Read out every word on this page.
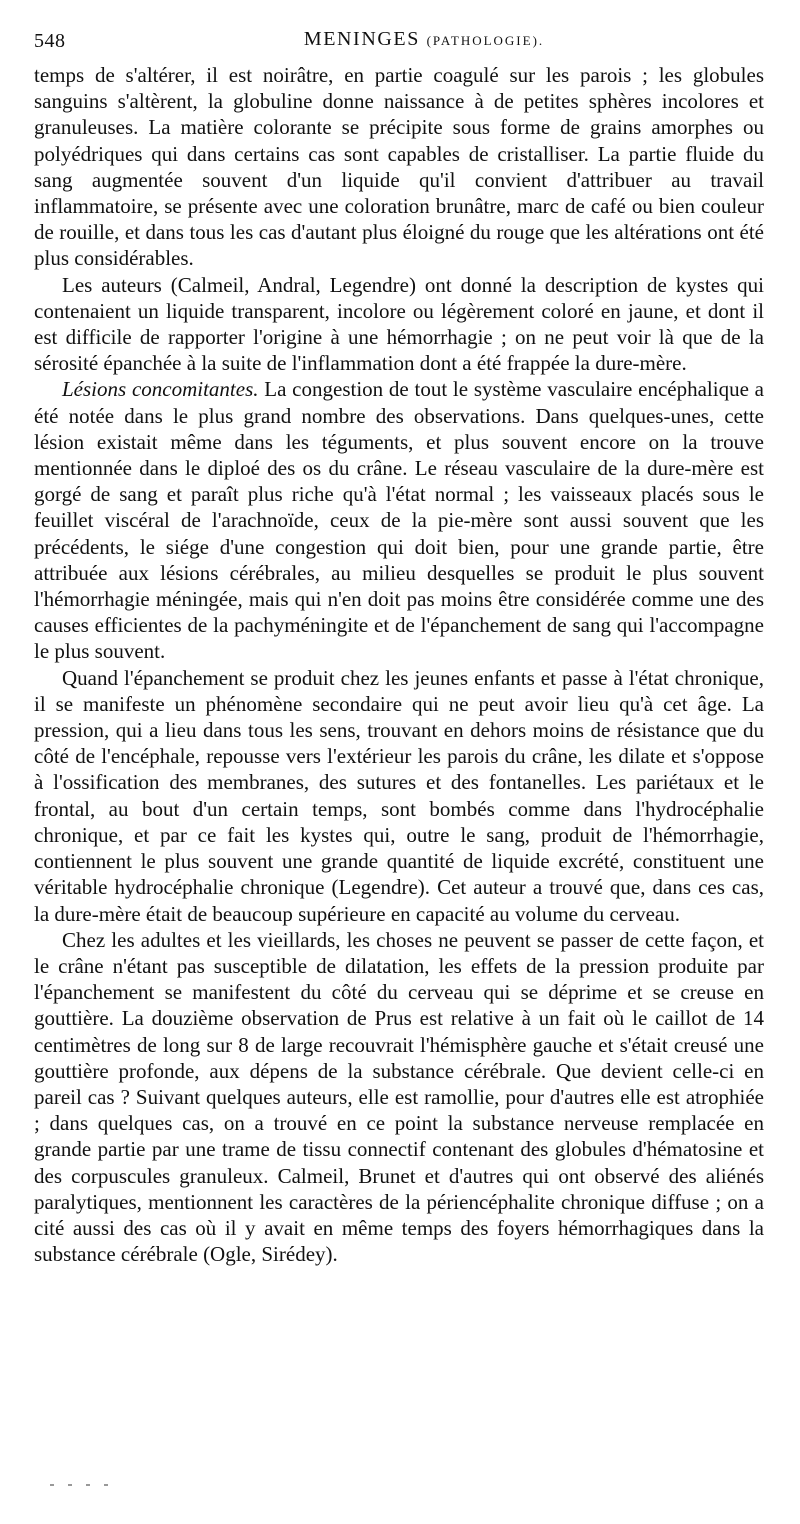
548	MENINGES (PATHOLOGIE).

temps de s'altérer, il est noirâtre, en partie coagulé sur les parois ; les globules sanguins s'altèrent, la globuline donne naissance à de petites sphères incolores et granuleuses. La matière colorante se précipite sous forme de grains amorphes ou polyédriques qui dans certains cas sont capables de cristalliser. La partie fluide du sang augmentée souvent d'un liquide qu'il convient d'attribuer au travail inflammatoire, se présente avec une coloration brunâtre, marc de café ou bien couleur de rouille, et dans tous les cas d'autant plus éloigné du rouge que les altérations ont été plus considérables.

Les auteurs (Calmeil, Andral, Legendre) ont donné la description de kystes qui contenaient un liquide transparent, incolore ou légèrement coloré en jaune, et dont il est difficile de rapporter l'origine à une hémorrhagie ; on ne peut voir là que de la sérosité épanchée à la suite de l'inflammation dont a été frappée la dure-mère.

Lésions concomitantes. La congestion de tout le système vasculaire encéphalique a été notée dans le plus grand nombre des observations. Dans quelques-unes, cette lésion existait même dans les téguments, et plus souvent encore on la trouve mentionnée dans le diploé des os du crâne. Le réseau vasculaire de la dure-mère est gorgé de sang et paraît plus riche qu'à l'état normal ; les vaisseaux placés sous le feuillet viscéral de l'arachnoïde, ceux de la pie-mère sont aussi souvent que les précédents, le siége d'une congestion qui doit bien, pour une grande partie, être attribuée aux lésions cérébrales, au milieu desquelles se produit le plus souvent l'hémorrhagie méningée, mais qui n'en doit pas moins être considérée comme une des causes efficientes de la pachyméningite et de l'épanchement de sang qui l'accompagne le plus souvent.

Quand l'épanchement se produit chez les jeunes enfants et passe à l'état chronique, il se manifeste un phénomène secondaire qui ne peut avoir lieu qu'à cet âge. La pression, qui a lieu dans tous les sens, trouvant en dehors moins de résistance que du côté de l'encéphale, repousse vers l'extérieur les parois du crâne, les dilate et s'oppose à l'ossification des membranes, des sutures et des fontanelles. Les pariétaux et le frontal, au bout d'un certain temps, sont bombés comme dans l'hydrocéphalie chronique, et par ce fait les kystes qui, outre le sang, produit de l'hémorrhagie, contiennent le plus souvent une grande quantité de liquide excrété, constituent une véritable hydrocéphalie chronique (Legendre). Cet auteur a trouvé que, dans ces cas, la dure-mère était de beaucoup supérieure en capacité au volume du cerveau.

Chez les adultes et les vieillards, les choses ne peuvent se passer de cette façon, et le crâne n'étant pas susceptible de dilatation, les effets de la pression produite par l'épanchement se manifestent du côté du cerveau qui se déprime et se creuse en gouttière. La douzième observation de Prus est relative à un fait où le caillot de 14 centimètres de long sur 8 de large recouvrait l'hémisphère gauche et s'était creusé une gouttière profonde, aux dépens de la substance cérébrale. Que devient celle-ci en pareil cas ? Suivant quelques auteurs, elle est ramollie, pour d'autres elle est atrophiée ; dans quelques cas, on a trouvé en ce point la substance nerveuse remplacée en grande partie par une trame de tissu connectif contenant des globules d'hématosine et des corpuscules granuleux. Calmeil, Brunet et d'autres qui ont observé des aliénés paralytiques, mentionnent les caractères de la périencéphalite chronique diffuse ; on a cité aussi des cas où il y avait en même temps des foyers hémorrhagiques dans la substance cérébrale (Ogle, Sirédey).
